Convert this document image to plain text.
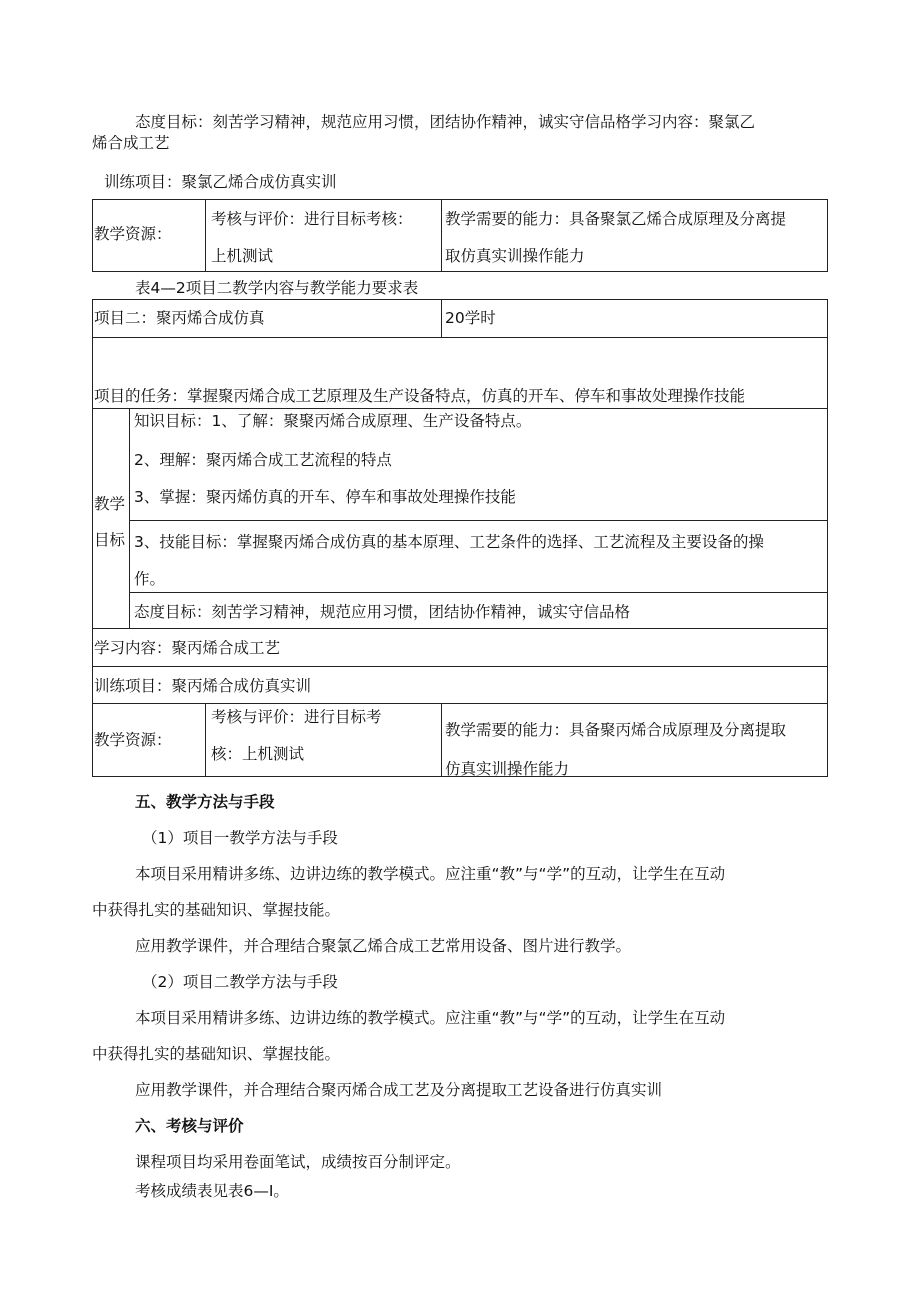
态度目标：刻苦学习精神，规范应用习惯，团结协作精神，诚实守信品格学习内容：聚氯乙
烯合成工艺
训练项目：聚氯乙烯合成仿真实训
教学资源：
考核与评价：进行目标考核：
上机测试
教学需要的能力：具备聚氯乙烯合成原理及分离提
取仿真实训操作能力
表4—2项目二教学内容与教学能力要求表
项目二：聚丙烯合成仿真	20学时
项目的任务：掌握聚丙烯合成工艺原理及生产设备特点，仿真的开车、停车和事故处理操作技能
教学
目标
知识目标：1、了解：聚聚丙烯合成原理、生产设备特点。
2、理解：聚丙烯合成工艺流程的特点
3、掌握：聚丙烯仿真的开车、停车和事故处理操作技能
3、技能目标：掌握聚丙烯合成仿真的基本原理、工艺条件的选择、工艺流程及主要设备的操
作。
态度目标：刻苦学习精神，规范应用习惯，团结协作精神，诚实守信品格
学习内容：聚丙烯合成工艺
训练项目：聚丙烯合成仿真实训
教学资源：
考核与评价：进行目标考
核：上机测试
教学需要的能力：具备聚丙烯合成原理及分离提取
仿真实训操作能力
五、教学方法与手段
（1）项目一教学方法与手段
本项目采用精讲多练、边讲边练的教学模式。应注重“教”与“学”的互动，让学生在互动
中获得扎实的基础知识、掌握技能。
应用教学课件，并合理结合聚氯乙烯合成工艺常用设备、图片进行教学。
（2）项目二教学方法与手段
本项目采用精讲多练、边讲边练的教学模式。应注重“教”与“学”的互动，让学生在互动
中获得扎实的基础知识、掌握技能。
应用教学课件，并合理结合聚丙烯合成工艺及分离提取工艺设备进行仿真实训
六、考核与评价
课程项目均采用卷面笔试，成绩按百分制评定。
考核成绩表见表6—I。
